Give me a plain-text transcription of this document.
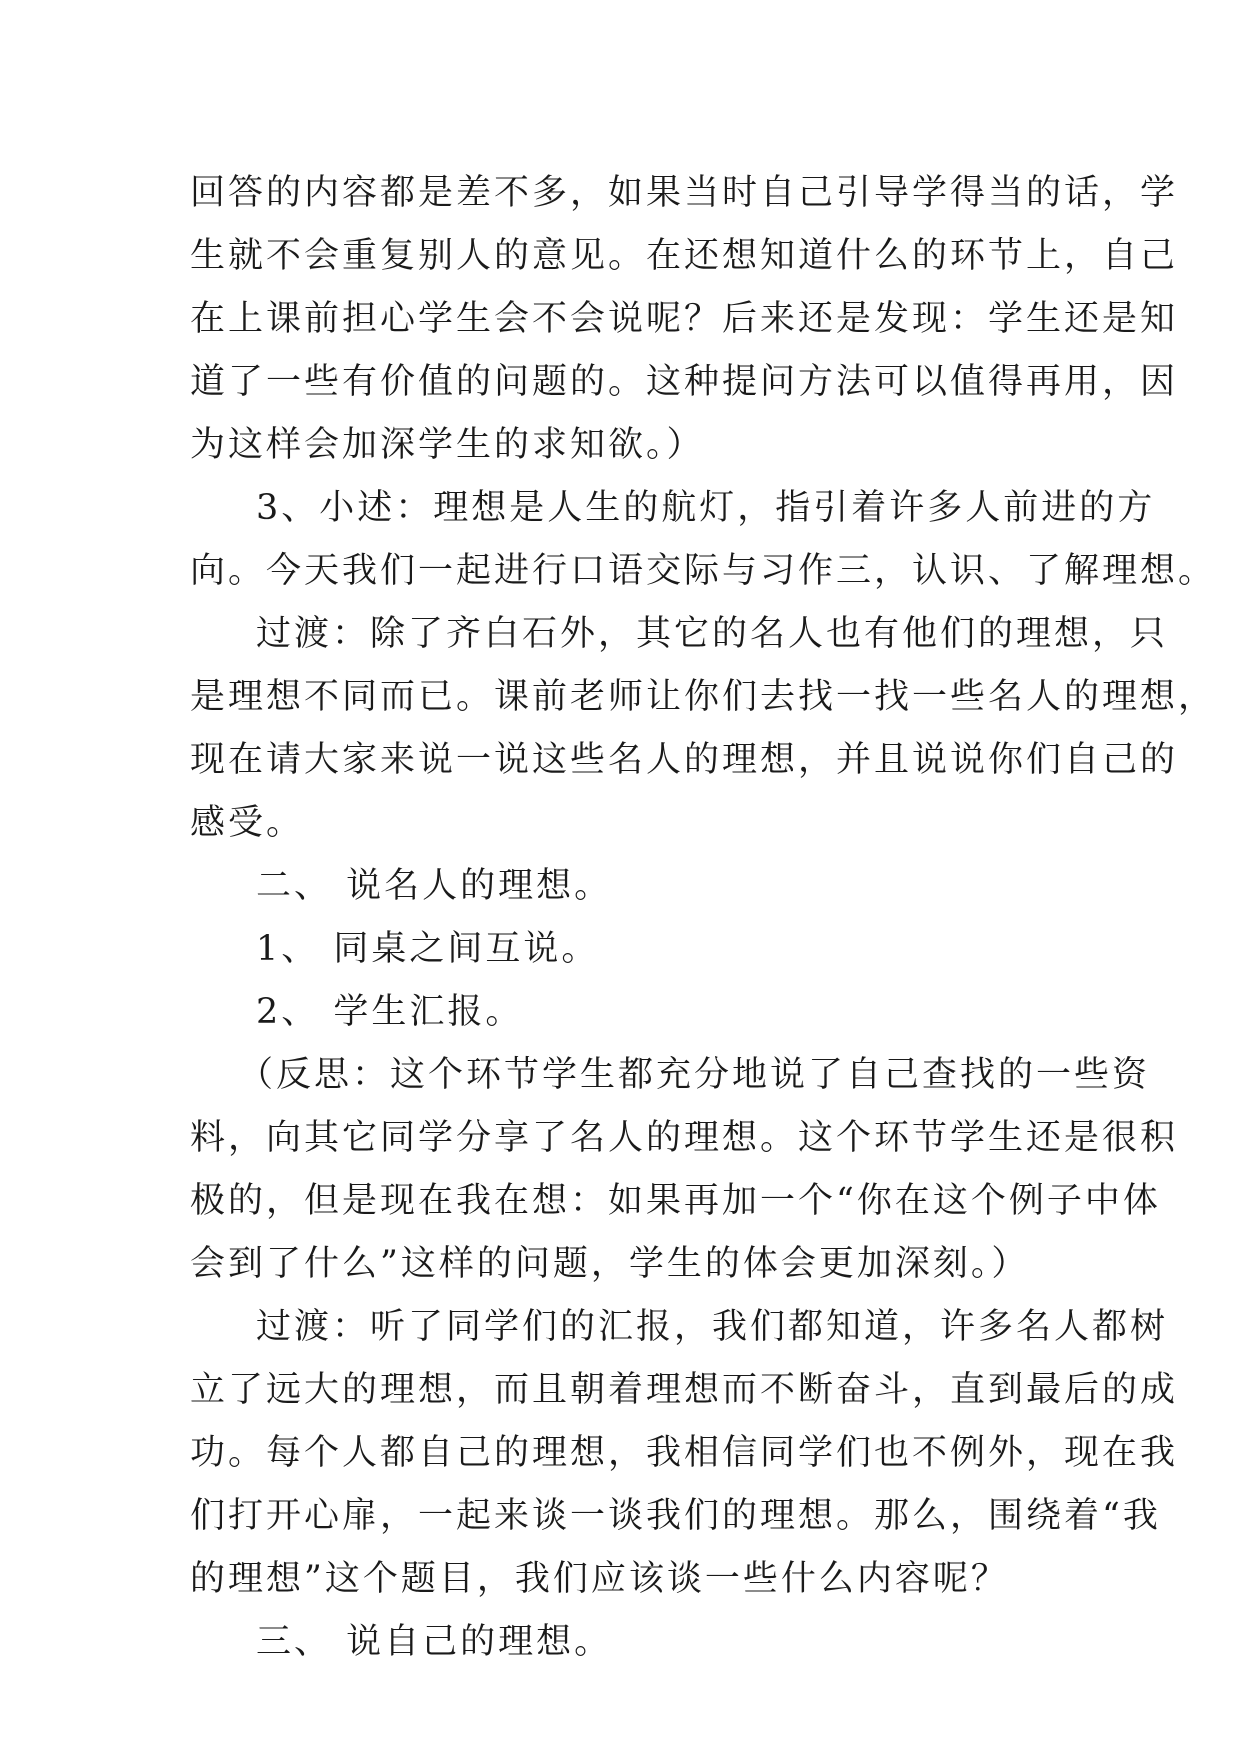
回答的内容都是差不多，如果当时自己引导学得当的话，学

生就不会重复别人的意见。在还想知道什么的环节上，自己

在上课前担心学生会不会说呢？后来还是发现：学生还是知

道了一些有价值的问题的。这种提问方法可以值得再用，因

为这样会加深学生的求知欲。）

3、小述：理想是人生的航灯，指引着许多人前进的方

向。今天我们一起进行口语交际与习作三，认识、了解理想。

过渡：除了齐白石外，其它的名人也有他们的理想，只

是理想不同而已。课前老师让你们去找一找一些名人的理想，

现在请大家来说一说这些名人的理想，并且说说你们自己的

感受。

二、 说名人的理想。

1、 同桌之间互说。

2、 学生汇报。

（反思：这个环节学生都充分地说了自己查找的一些资

料，向其它同学分享了名人的理想。这个环节学生还是很积

极的，但是现在我在想：如果再加一个“你在这个例子中体

会到了什么”这样的问题，学生的体会更加深刻。）

过渡：听了同学们的汇报，我们都知道，许多名人都树

立了远大的理想，而且朝着理想而不断奋斗，直到最后的成

功。每个人都自己的理想，我相信同学们也不例外，现在我

们打开心扉，一起来谈一谈我们的理想。那么，围绕着“我

的理想”这个题目，我们应该谈一些什么内容呢？

三、 说自己的理想。
